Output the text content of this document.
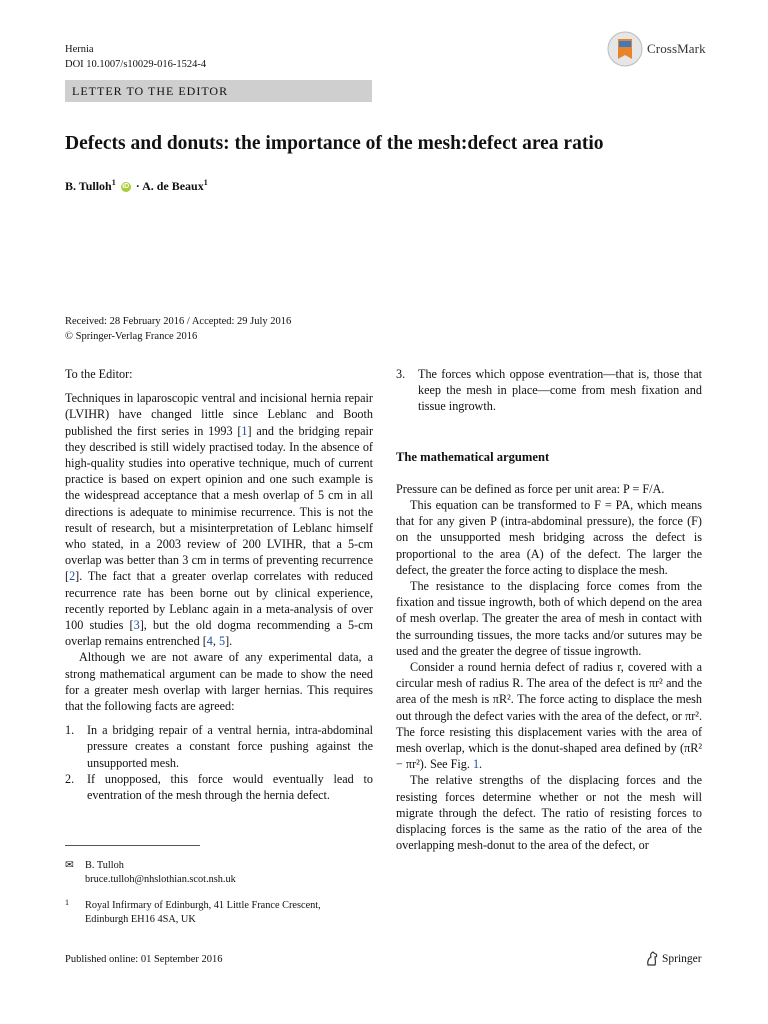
Hernia
DOI 10.1007/s10029-016-1524-4
CrossMark
LETTER TO THE EDITOR
Defects and donuts: the importance of the mesh:defect area ratio
B. Tulloh$^1$ iD · A. de Beaux$^1$
Received: 28 February 2016 / Accepted: 29 July 2016
© Springer-Verlag France 2016

To the Editor:

Techniques in laparoscopic ventral and incisional hernia repair (LVIHR) have changed little since Leblanc and Booth published the first series in 1993 [1] and the bridging repair they described is still widely practised today. In the absence of high-quality studies into operative technique, much of current practice is based on expert opinion and one such example is the widespread acceptance that a mesh overlap of 5 cm in all directions is adequate to minimise recurrence. This is not the result of research, but a misinterpretation of Leblanc himself who stated, in a 2003 review of 200 LVIHR, that a 5-cm overlap was better than 3 cm in terms of preventing recurrence [2]. The fact that a greater overlap correlates with reduced recurrence rate has been borne out by clinical experience, recently reported by Leblanc again in a meta-analysis of over 100 studies [3], but the old dogma recommending a 5-cm overlap remains entrenched [4, 5].

Although we are not aware of any experimental data, a strong mathematical argument can be made to show the need for a greater mesh overlap with larger hernias. This requires that the following facts are agreed:

1. In a bridging repair of a ventral hernia, intra-abdominal pressure creates a constant force pushing against the unsupported mesh.
2. If unopposed, this force would eventually lead to eventration of the mesh through the hernia defect.
3. The forces which oppose eventration—that is, those that keep the mesh in place—come from mesh fixation and tissue ingrowth.
The mathematical argument

Pressure can be defined as force per unit area: P = F/A.

This equation can be transformed to F = PA, which means that for any given P (intra-abdominal pressure), the force (F) on the unsupported mesh bridging across the defect is proportional to the area (A) of the defect. The larger the defect, the greater the force acting to displace the mesh.

The resistance to the displacing force comes from the fixation and tissue ingrowth, both of which depend on the area of mesh overlap. The greater the area of mesh in contact with the surrounding tissues, the more tacks and/or sutures may be used and the greater the degree of tissue ingrowth.

Consider a round hernia defect of radius r, covered with a circular mesh of radius R. The area of the defect is πr² and the area of the mesh is πR². The force acting to displace the mesh out through the defect varies with the area of the defect, or πr². The force resisting this displacement varies with the area of mesh overlap, which is the donut-shaped area defined by (πR² − πr²). See Fig. 1.

The relative strengths of the displacing forces and the resisting forces determine whether or not the mesh will migrate through the defect. The ratio of resisting forces to displacing forces is the same as the ratio of the area of the overlapping mesh-donut to the area of the defect, or

✉ B. Tulloh
bruce.tulloh@nhslothian.scot.nsh.uk
1	Royal Infirmary of Edinburgh, 41 Little France Crescent,
Edinburgh EH16 4SA, UK
Published online: 01 September 2016	Springer
